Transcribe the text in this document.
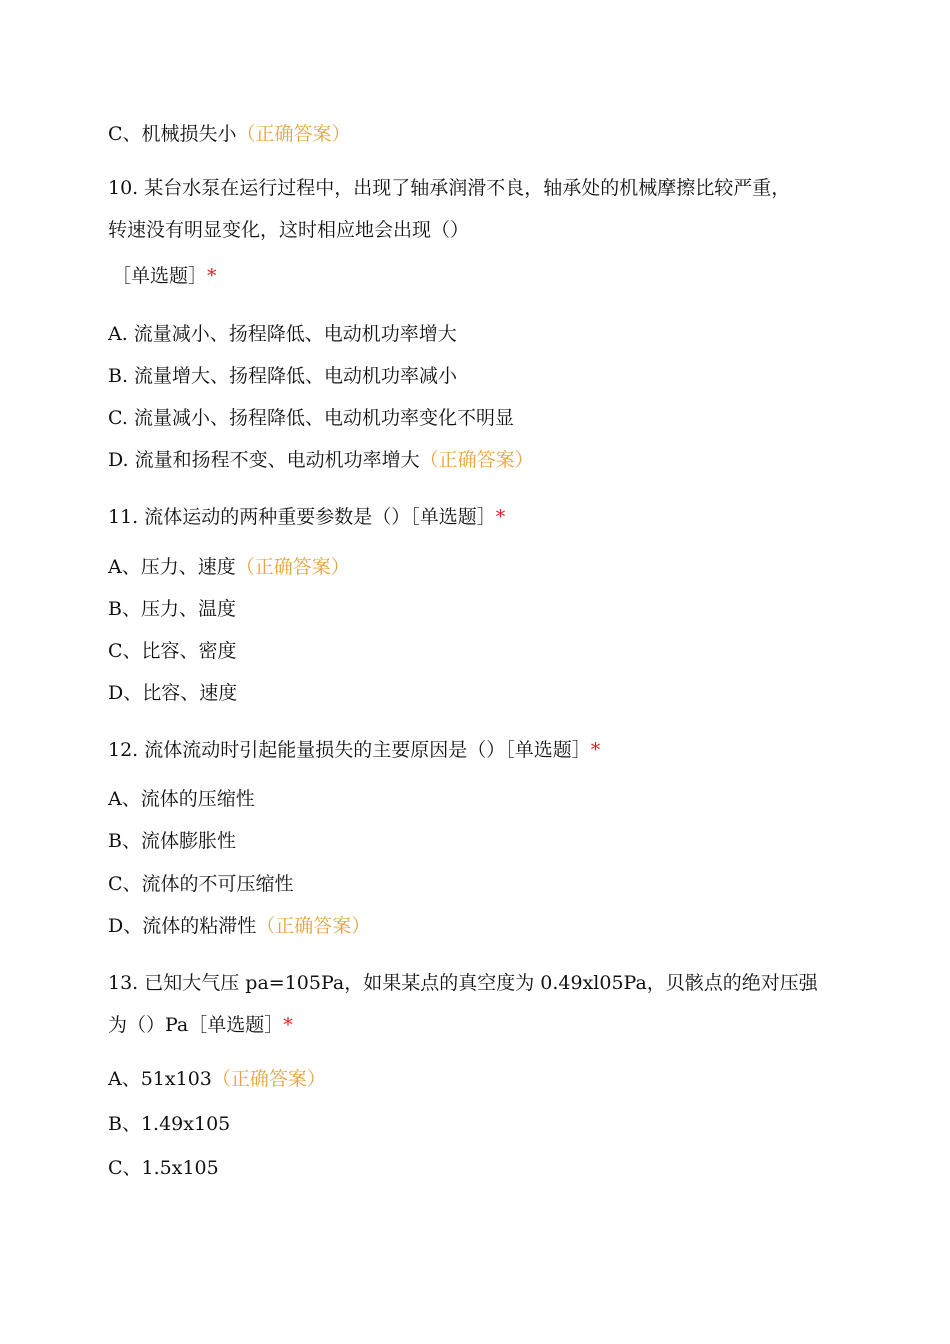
C、机械损失小（正确答案）
10. 某台水泵在运行过程中，出现了轴承润滑不良，轴承处的机械摩擦比较严重，
转速没有明显变化，这时相应地会出现（）
［单选题］*
A. 流量减小、扬程降低、电动机功率增大
B. 流量增大、扬程降低、电动机功率减小
C. 流量减小、扬程降低、电动机功率变化不明显
D. 流量和扬程不变、电动机功率增大（正确答案）
11. 流体运动的两种重要参数是（）［单选题］*
A、压力、速度（正确答案）
B、压力、温度
C、比容、密度
D、比容、速度
12. 流体流动时引起能量损失的主要原因是（）［单选题］*
A、流体的压缩性
B、流体膨胀性
C、流体的不可压缩性
D、流体的粘滞性（正确答案）
13. 已知大气压 pa=105Pa，如果某点的真空度为 0.49xl05Pa，贝骸点的绝对压强
为（）Pa［单选题］*
A、51x103（正确答案）
B、1.49x105
C、1.5x105
